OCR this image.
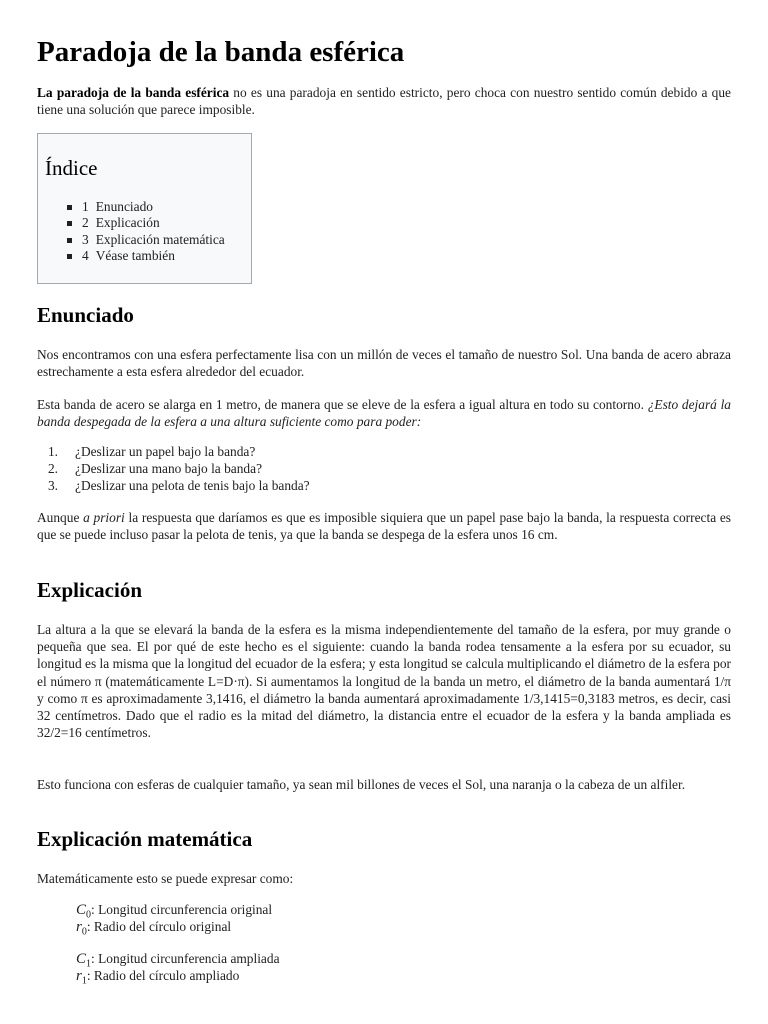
Paradoja de la banda esférica

La paradoja de la banda esférica no es una paradoja en sentido estricto, pero choca con nuestro sentido común debido a que tiene una solución que parece imposible.

Índice
1 Enunciado
2 Explicación
3 Explicación matemática
4 Véase también
Enunciado

Nos encontramos con una esfera perfectamente lisa con un millón de veces el tamaño de nuestro Sol. Una banda de acero abraza estrechamente a esta esfera alrededor del ecuador.

Esta banda de acero se alarga en 1 metro, de manera que se eleve de la esfera a igual altura en todo su contorno. ¿Esto dejará la banda despegada de la esfera a una altura suficiente como para poder:

1. ¿Deslizar un papel bajo la banda?
2. ¿Deslizar una mano bajo la banda?
3. ¿Deslizar una pelota de tenis bajo la banda?

Aunque a priori la respuesta que daríamos es que es imposible siquiera que un papel pase bajo la banda, la respuesta correcta es que se puede incluso pasar la pelota de tenis, ya que la banda se despega de la esfera unos 16 cm.

Explicación

La altura a la que se elevará la banda de la esfera es la misma independientemente del tamaño de la esfera, por muy grande o pequeña que sea. El por qué de este hecho es el siguiente: cuando la banda rodea tensamente a la esfera por su ecuador, su longitud es la misma que la longitud del ecuador de la esfera; y esta longitud se calcula multiplicando el diámetro de la esfera por el número π (matemáticamente L=D·π). Si aumentamos la longitud de la banda un metro, el diámetro de la banda aumentará 1/π y como π es aproximadamente 3,1416, el diámetro la banda aumentará aproximadamente 1/3,1415=0,3183 metros, es decir, casi 32 centímetros. Dado que el radio es la mitad del diámetro, la distancia entre el ecuador de la esfera y la banda ampliada es 32/2=16 centímetros.

Esto funciona con esferas de cualquier tamaño, ya sean mil billones de veces el Sol, una naranja o la cabeza de un alfiler.

Explicación matemática

Matemáticamente esto se puede expresar como:

$C_0$: Longitud circunferencia original
$r_0$: Radio del círculo original
$C_1$: Longitud circunferencia ampliada
$r_1$: Radio del círculo ampliado
